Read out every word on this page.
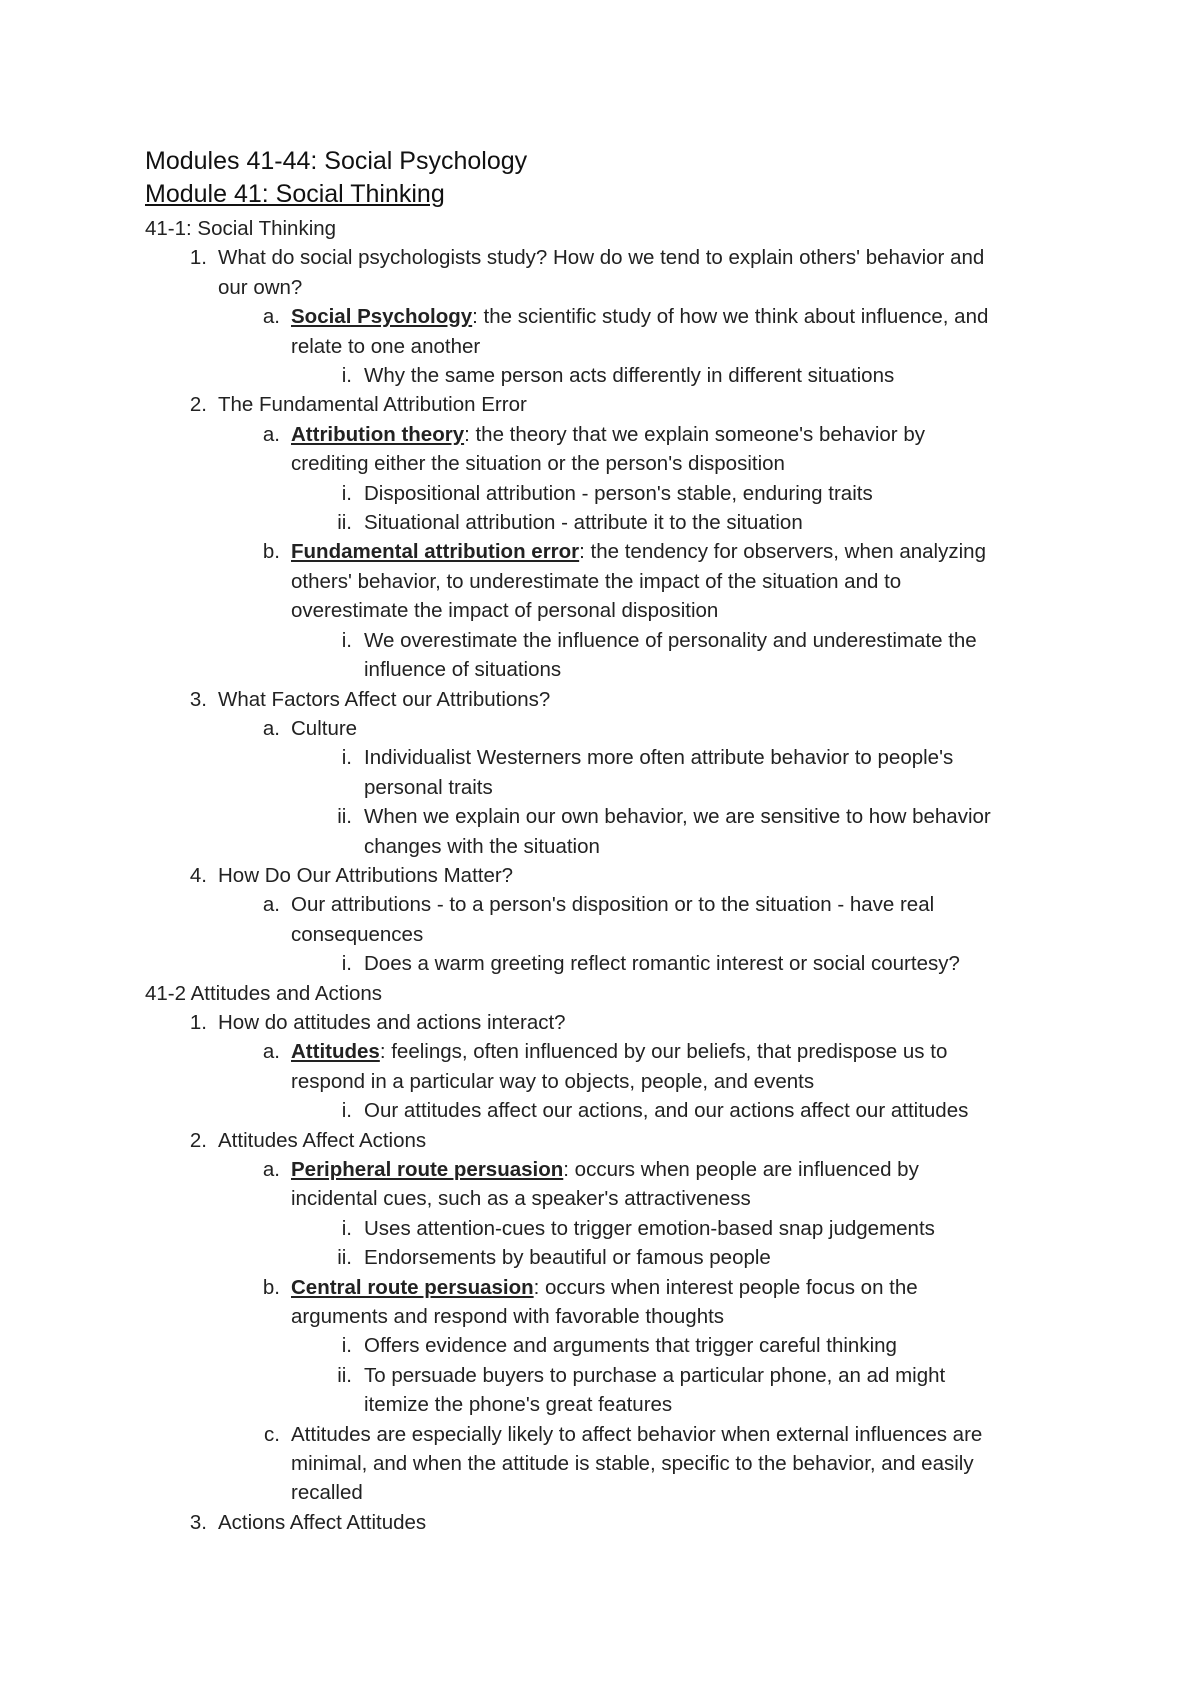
Modules 41-44: Social Psychology
Module 41: Social Thinking
41-1: Social Thinking
1. What do social psychologists study? How do we tend to explain others' behavior and
our own?
a. Social Psychology: the scientific study of how we think about influence, and
relate to one another
i. Why the same person acts differently in different situations
2. The Fundamental Attribution Error
a. Attribution theory: the theory that we explain someone's behavior by
crediting either the situation or the person's disposition
i. Dispositional attribution - person's stable, enduring traits
ii. Situational attribution - attribute it to the situation
b. Fundamental attribution error: the tendency for observers, when analyzing
others' behavior, to underestimate the impact of the situation and to
overestimate the impact of personal disposition
i. We overestimate the influence of personality and underestimate the
influence of situations
3. What Factors Affect our Attributions?
a. Culture
i. Individualist Westerners more often attribute behavior to people's
personal traits
ii. When we explain our own behavior, we are sensitive to how behavior
changes with the situation
4. How Do Our Attributions Matter?
a. Our attributions - to a person's disposition or to the situation - have real
consequences
i. Does a warm greeting reflect romantic interest or social courtesy?
41-2 Attitudes and Actions
1. How do attitudes and actions interact?
a. Attitudes: feelings, often influenced by our beliefs, that predispose us to
respond in a particular way to objects, people, and events
i. Our attitudes affect our actions, and our actions affect our attitudes
2. Attitudes Affect Actions
a. Peripheral route persuasion: occurs when people are influenced by
incidental cues, such as a speaker's attractiveness
i. Uses attention-cues to trigger emotion-based snap judgements
ii. Endorsements by beautiful or famous people
b. Central route persuasion: occurs when interest people focus on the
arguments and respond with favorable thoughts
i. Offers evidence and arguments that trigger careful thinking
ii. To persuade buyers to purchase a particular phone, an ad might
itemize the phone's great features
c. Attitudes are especially likely to affect behavior when external influences are
minimal, and when the attitude is stable, specific to the behavior, and easily
recalled
3. Actions Affect Attitudes
